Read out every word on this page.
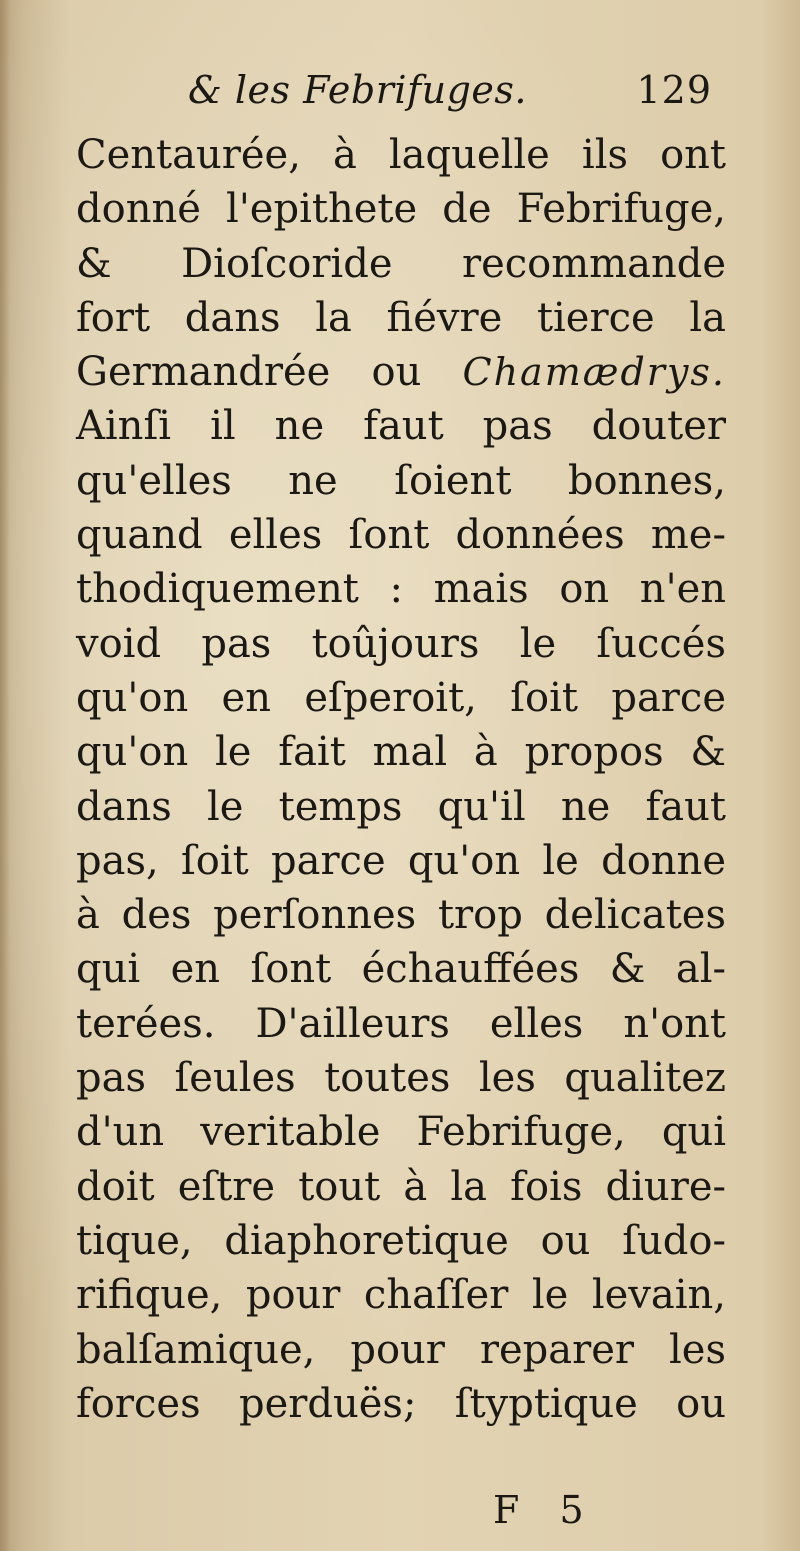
& les Febrifuges.	129
Centaurée, à laquelle ils ont
donné l'epithete de Febrifuge,
& Dioſcoride recommande
fort dans la fiévre tierce la
Germandrée ou Chamædrys.
Ainſi il ne faut pas douter
qu'elles ne ſoient bonnes,
quand elles ſont données me-
thodiquement : mais on n'en
void pas toûjours le ſuccés
qu'on en eſperoit, ſoit parce
qu'on le fait mal à propos &
dans le temps qu'il ne faut
pas, ſoit parce qu'on le donne
à des perſonnes trop delicates
qui en ſont échauffées & al-
terées. D'ailleurs elles n'ont
pas ſeules toutes les qualitez
d'un veritable Febrifuge, qui
doit eſtre tout à la fois diure-
tique, diaphoretique ou ſudo-
rifique, pour chaſſer le levain,
balſamique, pour reparer les
forces perduës; ſtyptique ou
F 5
